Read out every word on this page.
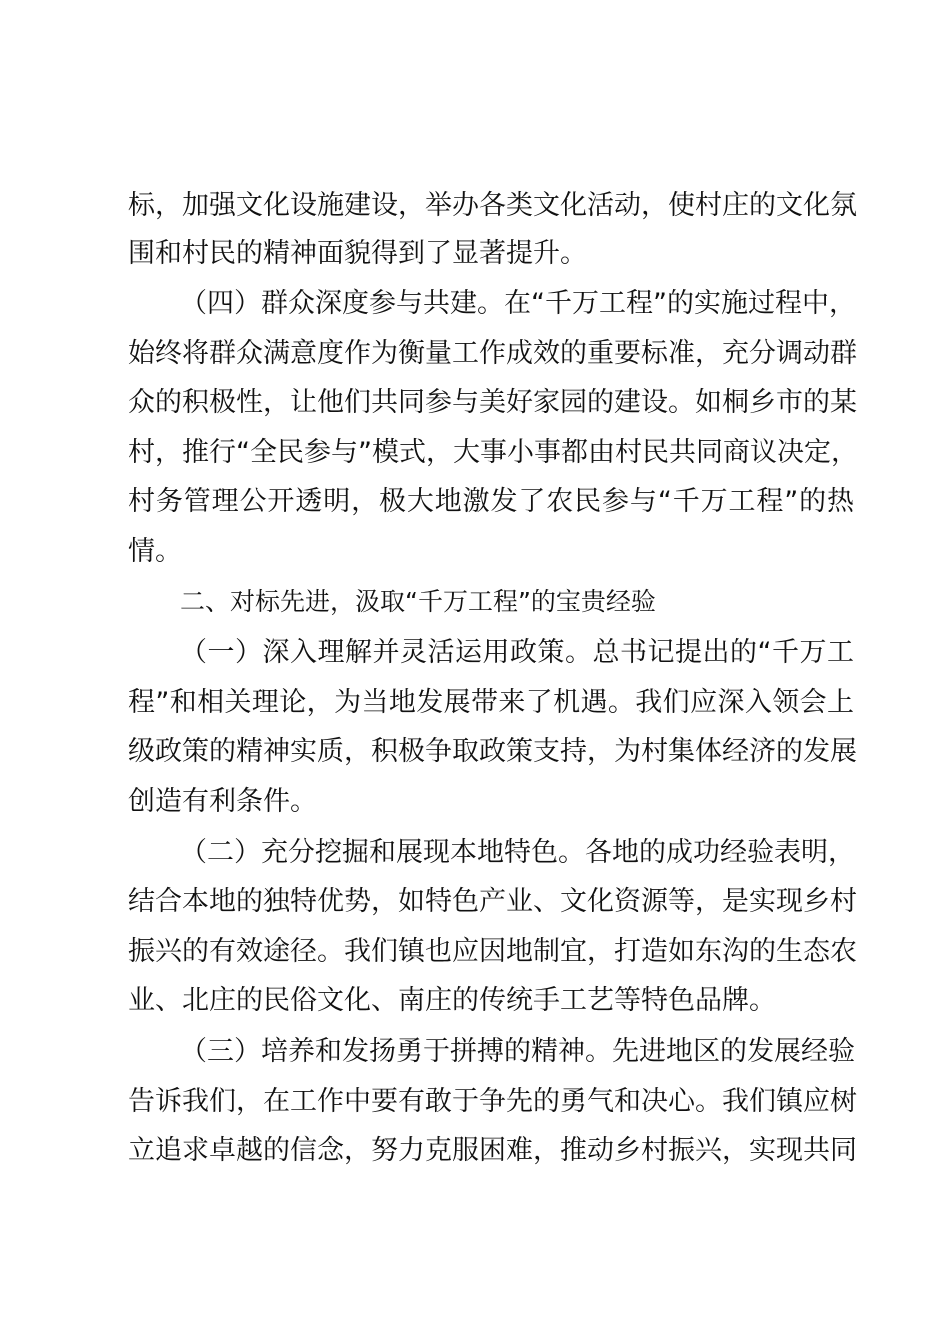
标，加强文化设施建设，举办各类文化活动，使村庄的文化氛

围和村民的精神面貌得到了显著提升。

（四）群众深度参与共建。在“千万工程”的实施过程中，

始终将群众满意度作为衡量工作成效的重要标准，充分调动群

众的积极性，让他们共同参与美好家园的建设。如桐乡市的某

村，推行“全民参与”模式，大事小事都由村民共同商议决定，

村务管理公开透明，极大地激发了农民参与“千万工程”的热

情。

二、对标先进，汲取“千万工程”的宝贵经验

（一）深入理解并灵活运用政策。总书记提出的“千万工

程”和相关理论，为当地发展带来了机遇。我们应深入领会上

级政策的精神实质，积极争取政策支持，为村集体经济的发展

创造有利条件。

（二）充分挖掘和展现本地特色。各地的成功经验表明，

结合本地的独特优势，如特色产业、文化资源等，是实现乡村

振兴的有效途径。我们镇也应因地制宜，打造如东沟的生态农

业、北庄的民俗文化、南庄的传统手工艺等特色品牌。

（三）培养和发扬勇于拼搏的精神。先进地区的发展经验

告诉我们，在工作中要有敢于争先的勇气和决心。我们镇应树

立追求卓越的信念，努力克服困难，推动乡村振兴，实现共同
